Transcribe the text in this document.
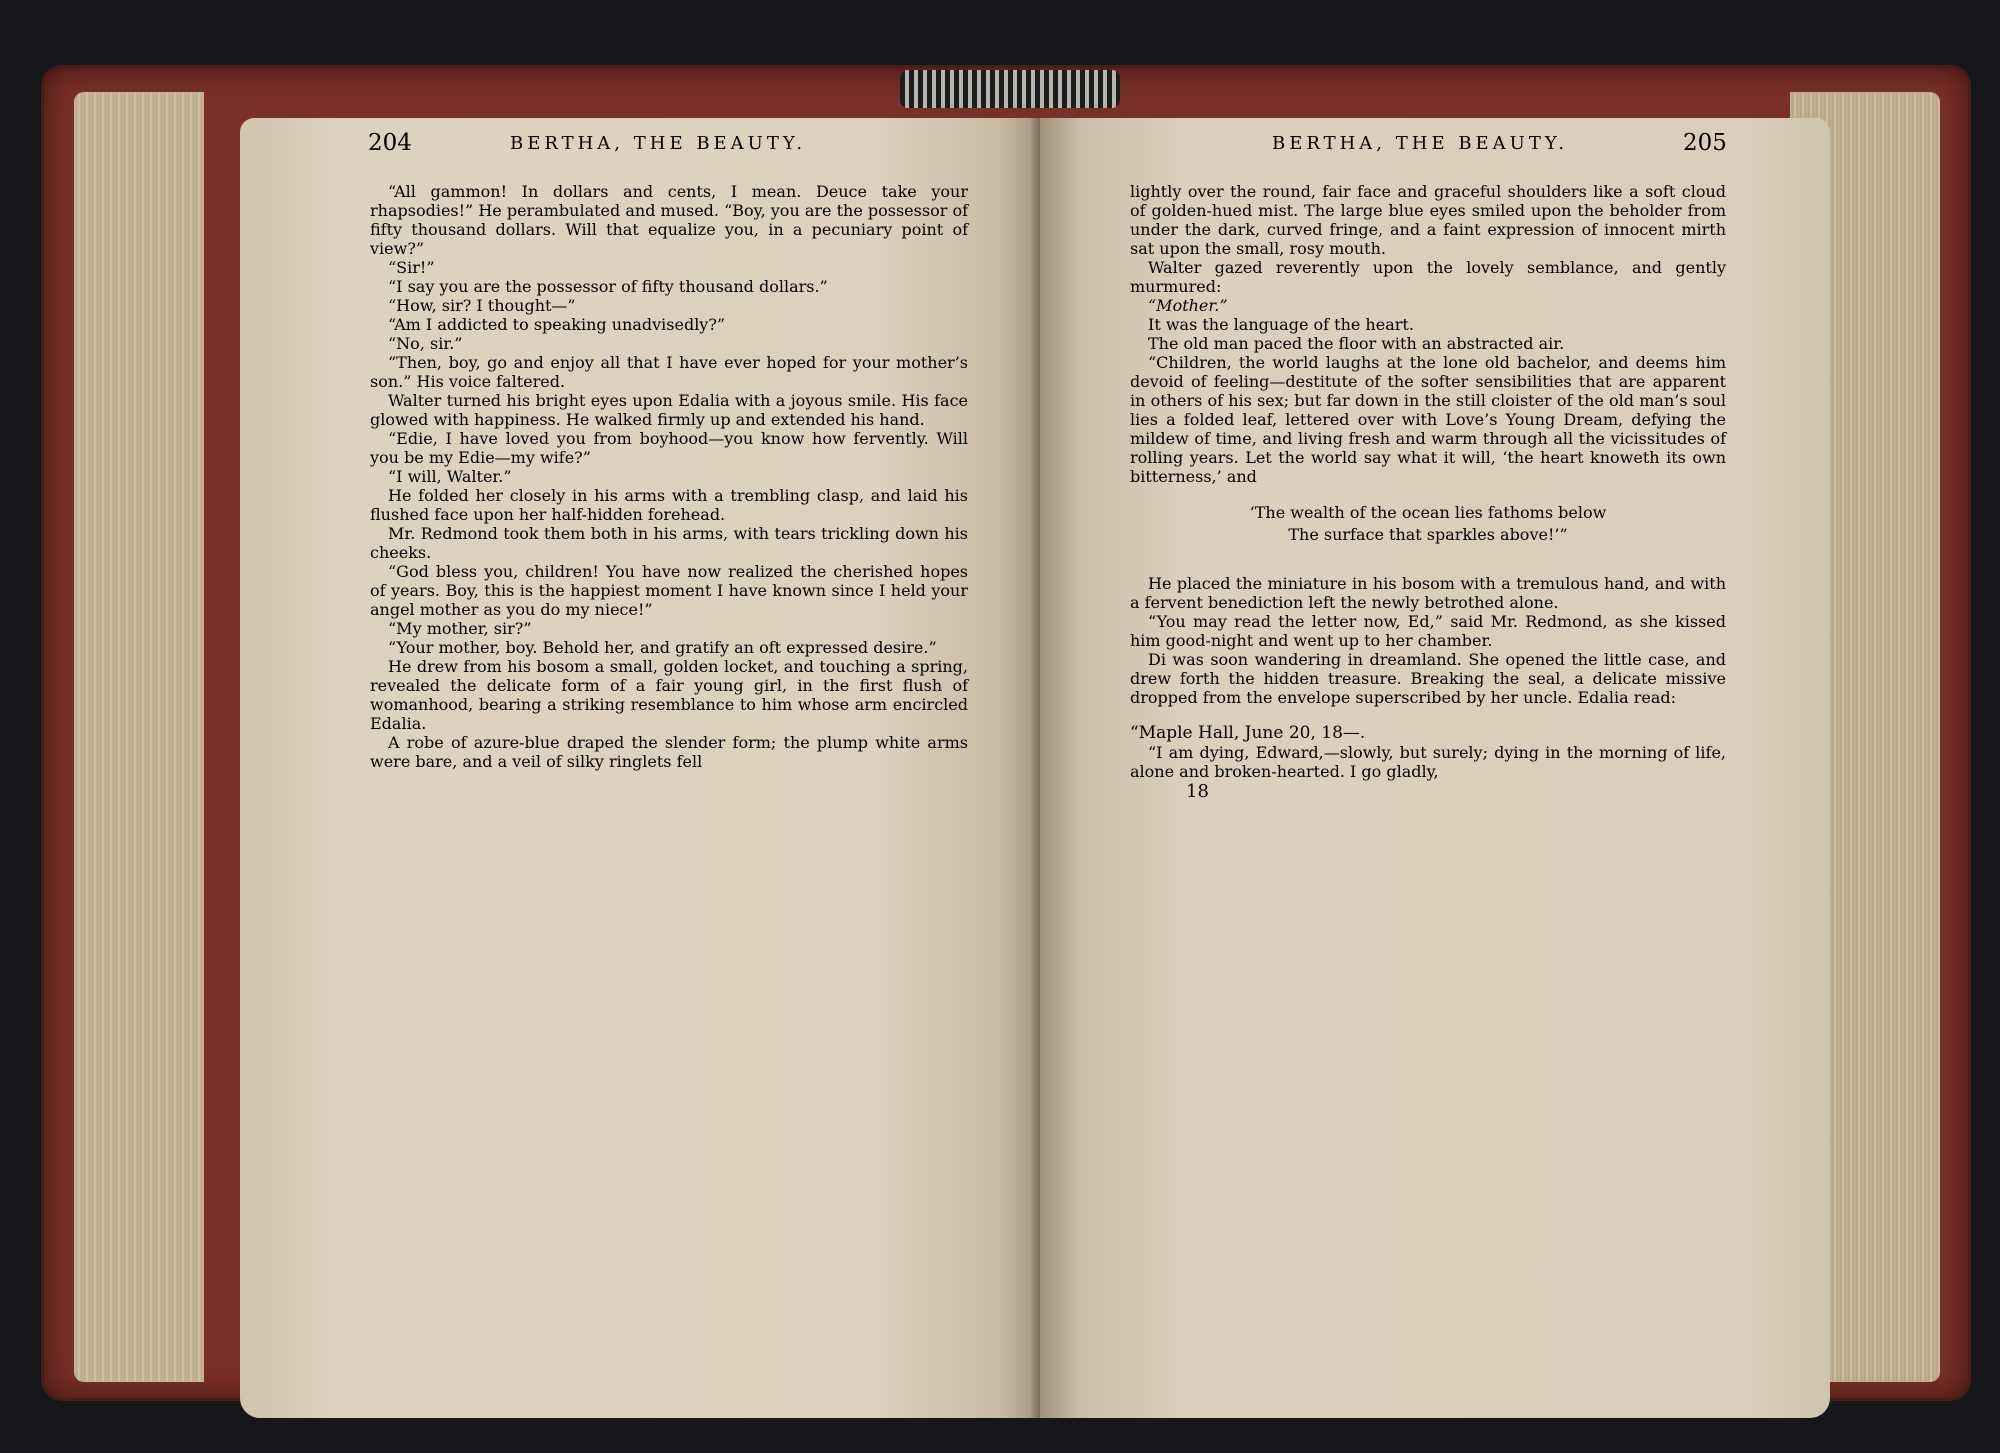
204	BERTHA, THE BEAUTY.

“All gammon! In dollars and cents, I mean. Deuce take your rhapsodies!” He perambulated and mused. “Boy, you are the possessor of fifty thousand dollars. Will that equalize you, in a pecuniary point of view?”

“Sir!”

“I say you are the possessor of fifty thousand dollars.”

“How, sir? I thought—”

“Am I addicted to speaking unadvisedly?”

“No, sir.”

“Then, boy, go and enjoy all that I have ever hoped for your mother’s son.” His voice faltered.

Walter turned his bright eyes upon Edalia with a joyous smile. His face glowed with happiness. He walked firmly up and extended his hand.

“Edie, I have loved you from boyhood—you know how fervently. Will you be my Edie—my wife?”

“I will, Walter.”

He folded her closely in his arms with a trembling clasp, and laid his flushed face upon her half-hidden forehead.

Mr. Redmond took them both in his arms, with tears trickling down his cheeks.

“God bless you, children! You have now realized the cherished hopes of years. Boy, this is the happiest moment I have known since I held your angel mother as you do my niece!”

“My mother, sir?”

“Your mother, boy. Behold her, and gratify an oft expressed desire.”

He drew from his bosom a small, golden locket, and touching a spring, revealed the delicate form of a fair young girl, in the first flush of womanhood, bearing a striking resemblance to him whose arm encircled Edalia.

A robe of azure-blue draped the slender form; the plump white arms were bare, and a veil of silky ringlets fell

BERTHA, THE BEAUTY.	205

lightly over the round, fair face and graceful shoulders like a soft cloud of golden-hued mist. The large blue eyes smiled upon the beholder from under the dark, curved fringe, and a faint expression of innocent mirth sat upon the small, rosy mouth.

Walter gazed reverently upon the lovely semblance, and gently murmured:

“Mother.”

It was the language of the heart.

The old man paced the floor with an abstracted air.

“Children, the world laughs at the lone old bachelor, and deems him devoid of feeling—destitute of the softer sensibilities that are apparent in others of his sex; but far down in the still cloister of the old man’s soul lies a folded leaf, lettered over with Love’s Young Dream, defying the mildew of time, and living fresh and warm through all the vicissitudes of rolling years. Let the world say what it will, ‘the heart knoweth its own bitterness,’ and

‘The wealth of the ocean lies fathoms below
The surface that sparkles above!’”

He placed the miniature in his bosom with a tremulous hand, and with a fervent benediction left the newly betrothed alone.

“You may read the letter now, Ed,” said Mr. Redmond, as she kissed him good-night and went up to her chamber.

Di was soon wandering in dreamland. She opened the little case, and drew forth the hidden treasure. Breaking the seal, a delicate missive dropped from the envelope superscribed by her uncle. Edalia read:

“Maple Hall, June 20, 18—.

“I am dying, Edward,—slowly, but surely; dying in the morning of life, alone and broken-hearted. I go gladly,

18
